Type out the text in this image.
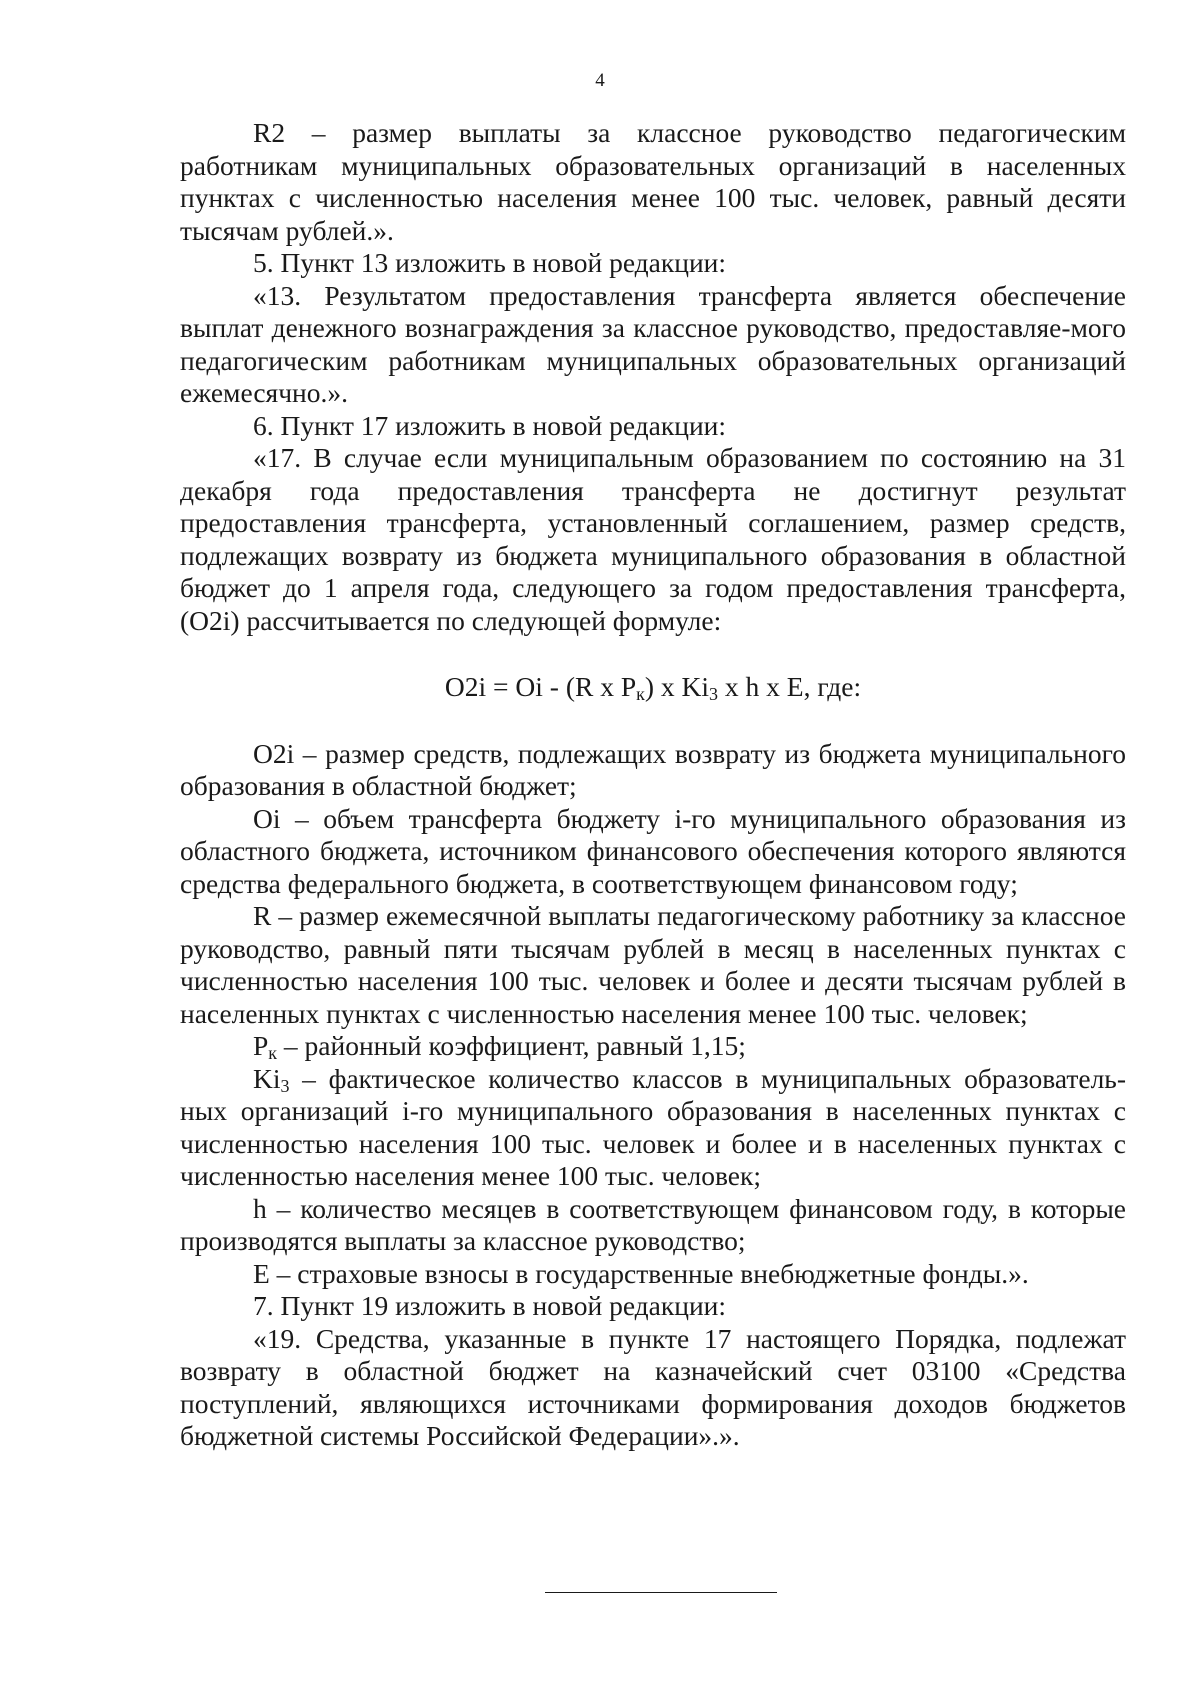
4

R2 – размер выплаты за классное руководство педагогическим работникам муниципальных образовательных организаций в населенных пунктах с численностью населения менее 100 тыс. человек, равный десяти тысячам рублей.».

5. Пункт 13 изложить в новой редакции:

«13. Результатом предоставления трансферта является обеспечение выплат денежного вознаграждения за классное руководство, предоставляе-мого педагогическим работникам муниципальных образовательных организаций ежемесячно.».

6. Пункт 17 изложить в новой редакции:

«17. В случае если муниципальным образованием по состоянию на 31 декабря года предоставления трансферта не достигнут результат предоставления трансферта, установленный соглашением, размер средств, подлежащих возврату из бюджета муниципального образования в областной бюджет до 1 апреля года, следующего за годом предоставления трансферта, (O2i) рассчитывается по следующей формуле:

O2i = Oi - (R x $P_к$) x $Ki_3$ x h x E, где:

O2i – размер средств, подлежащих возврату из бюджета муниципального образования в областной бюджет;

Oi – объем трансферта бюджету i-го муниципального образования из областного бюджета, источником финансового обеспечения которого являются средства федерального бюджета, в соответствующем финансовом году;

R – размер ежемесячной выплаты педагогическому работнику за классное руководство, равный пяти тысячам рублей в месяц в населенных пунктах с численностью населения 100 тыс. человек и более и десяти тысячам рублей в населенных пунктах с численностью населения менее 100 тыс. человек;

$P_к$ – районный коэффициент, равный 1,15;

$Ki_3$ – фактическое количество классов в муниципальных образователь-ных организаций i-го муниципального образования в населенных пунктах с численностью населения 100 тыс. человек и более и в населенных пунктах с численностью населения менее 100 тыс. человек;

h – количество месяцев в соответствующем финансовом году, в которые производятся выплаты за классное руководство;

E – страховые взносы в государственные внебюджетные фонды.».

7. Пункт 19 изложить в новой редакции:

«19. Средства, указанные в пункте 17 настоящего Порядка, подлежат возврату в областной бюджет на казначейский счет 03100 «Средства поступлений, являющихся источниками формирования доходов бюджетов бюджетной системы Российской Федерации».».
